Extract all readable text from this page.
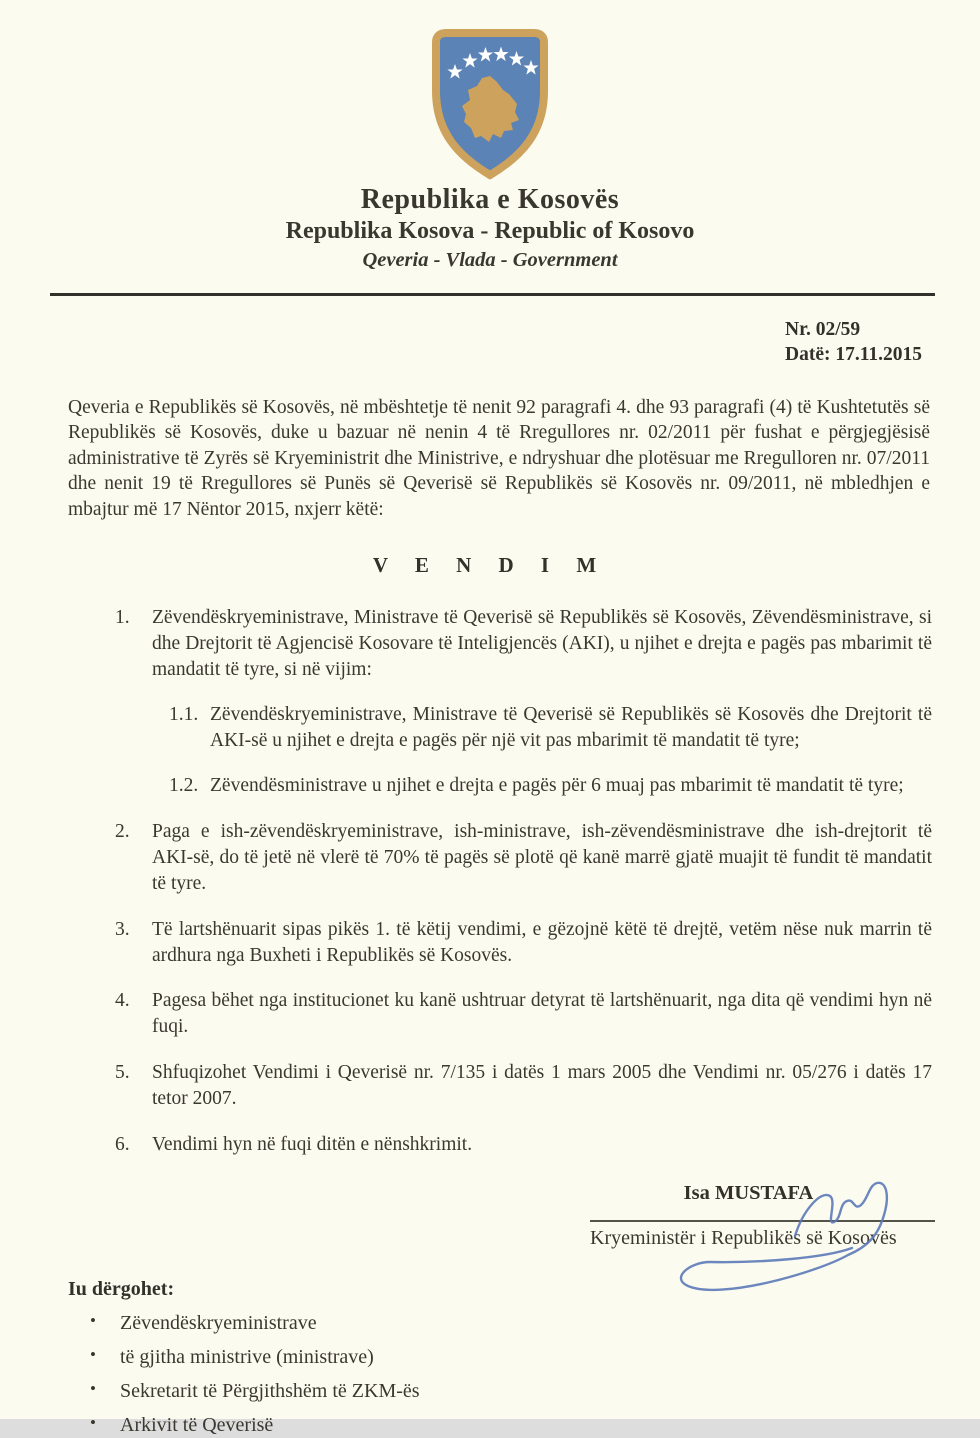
Republika e Kosovës
Republika Kosova - Republic of Kosovo
Qeveria - Vlada - Government
Nr. 02/59
Datë: 17.11.2015

Qeveria e Republikës së Kosovës, në mbështetje të nenit 92 paragrafi 4. dhe 93 paragrafi (4) të Kushtetutës së Republikës së Kosovës, duke u bazuar në nenin 4 të Rregullores nr. 02/2011 për fushat e përgjegjësisë administrative të Zyrës së Kryeministrit dhe Ministrive, e ndryshuar dhe plotësuar me Rregulloren nr. 07/2011 dhe nenit 19 të Rregullores së Punës së Qeverisë së Republikës së Kosovës nr. 09/2011, në mbledhjen e mbajtur më 17 Nëntor 2015, nxjerr këtë:

V E N D I M
1.	Zëvendëskryeministrave, Ministrave të Qeverisë së Republikës së Kosovës, Zëvendësministrave, si dhe Drejtorit të Agjencisë Kosovare të Inteligjencës (AKI), u njihet e drejta e pagës pas mbarimit të mandatit të tyre, si në vijim:
1.1. Zëvendëskryeministrave, Ministrave të Qeverisë së Republikës së Kosovës dhe Drejtorit të AKI-së u njihet e drejta e pagës për një vit pas mbarimit të mandatit të tyre;
1.2. Zëvendësministrave u njihet e drejta e pagës për 6 muaj pas mbarimit të mandatit të tyre;
2.	Paga e ish-zëvendëskryeministrave, ish-ministrave, ish-zëvendësministrave dhe ish-drejtorit të AKI-së, do të jetë në vlerë të 70% të pagës së plotë që kanë marrë gjatë muajit të fundit të mandatit të tyre.
3.	Të lartshënuarit sipas pikës 1. të këtij vendimi, e gëzojnë këtë të drejtë, vetëm nëse nuk marrin të ardhura nga Buxheti i Republikës së Kosovës.
4.	Pagesa bëhet nga institucionet ku kanë ushtruar detyrat të lartshënuarit, nga dita që vendimi hyn në fuqi.
5.	Shfuqizohet Vendimi i Qeverisë nr. 7/135 i datës 1 mars 2005 dhe Vendimi nr. 05/276 i datës 17 tetor 2007.
6.	Vendimi hyn në fuqi ditën e nënshkrimit.
Isa MUSTAFA
Kryeministër i Republikës së Kosovës
Iu dërgohet:
•	Zëvendëskryeministrave
•	të gjitha ministrive (ministrave)
•	Sekretarit të Përgjithshëm të ZKM-ës
•	Arkivit të Qeverisë
